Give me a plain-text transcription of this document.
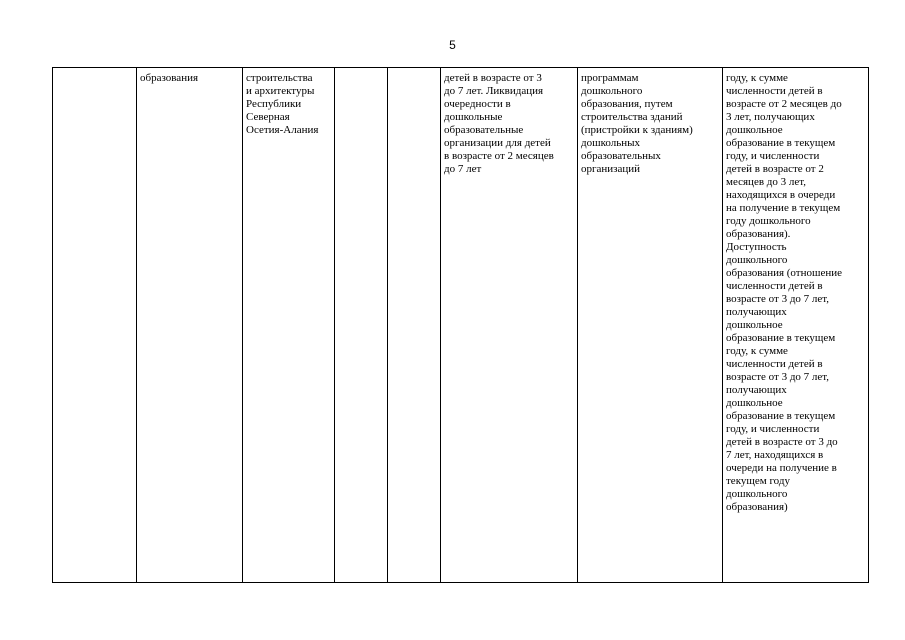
5
	образования	строительства
и архитектуры
Республики
Северная
Осетия-Алания			детей в возрасте от 3
до 7 лет. Ликвидация
очередности в
дошкольные
образовательные
организации для детей
в возрасте от 2 месяцев
до 7 лет	программам
дошкольного
образования, путем
строительства зданий
(пристройки к зданиям)
дошкольных
образовательных
организаций	году, к сумме
численности детей в
возрасте от 2 месяцев до
3 лет, получающих
дошкольное
образование в текущем
году, и численности
детей в возрасте от 2
месяцев до 3 лет,
находящихся в очереди
на получение в текущем
году дошкольного
образования).
Доступность
дошкольного
образования (отношение
численности детей в
возрасте от 3 до 7 лет,
получающих
дошкольное
образование в текущем
году, к сумме
численности детей в
возрасте от 3 до 7 лет,
получающих
дошкольное
образование в текущем
году, и численности
детей в возрасте от 3 до
7 лет, находящихся в
очереди на получение в
текущем году
дошкольного
образования)
